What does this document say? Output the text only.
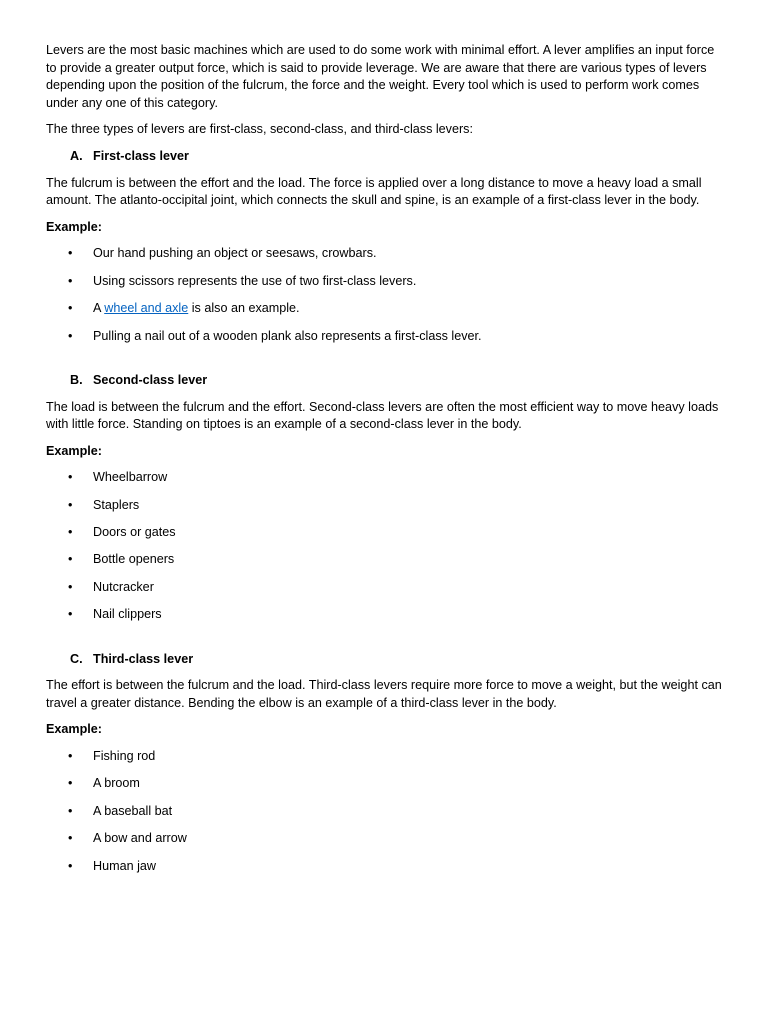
Levers are the most basic machines which are used to do some work with minimal effort. A lever amplifies an input force to provide a greater output force, which is said to provide leverage. We are aware that there are various types of levers depending upon the position of the fulcrum, the force and the weight. Every tool which is used to perform work comes under any one of this category.

The three types of levers are first-class, second-class, and third-class levers:

A. First-class lever

The fulcrum is between the effort and the load. The force is applied over a long distance to move a heavy load a small amount. The atlanto-occipital joint, which connects the skull and spine, is an example of a first-class lever in the body.

Example:
• Our hand pushing an object or seesaws, crowbars.
• Using scissors represents the use of two first-class levers.
• A wheel and axle is also an example.
• Pulling a nail out of a wooden plank also represents a first-class lever.
B. Second-class lever

The load is between the fulcrum and the effort. Second-class levers are often the most efficient way to move heavy loads with little force. Standing on tiptoes is an example of a second-class lever in the body.

Example:
• Wheelbarrow
• Staplers
• Doors or gates
• Bottle openers
• Nutcracker
• Nail clippers
C. Third-class lever

The effort is between the fulcrum and the load. Third-class levers require more force to move a weight, but the weight can travel a greater distance. Bending the elbow is an example of a third-class lever in the body.

Example:
• Fishing rod
• A broom
• A baseball bat
• A bow and arrow
• Human jaw
